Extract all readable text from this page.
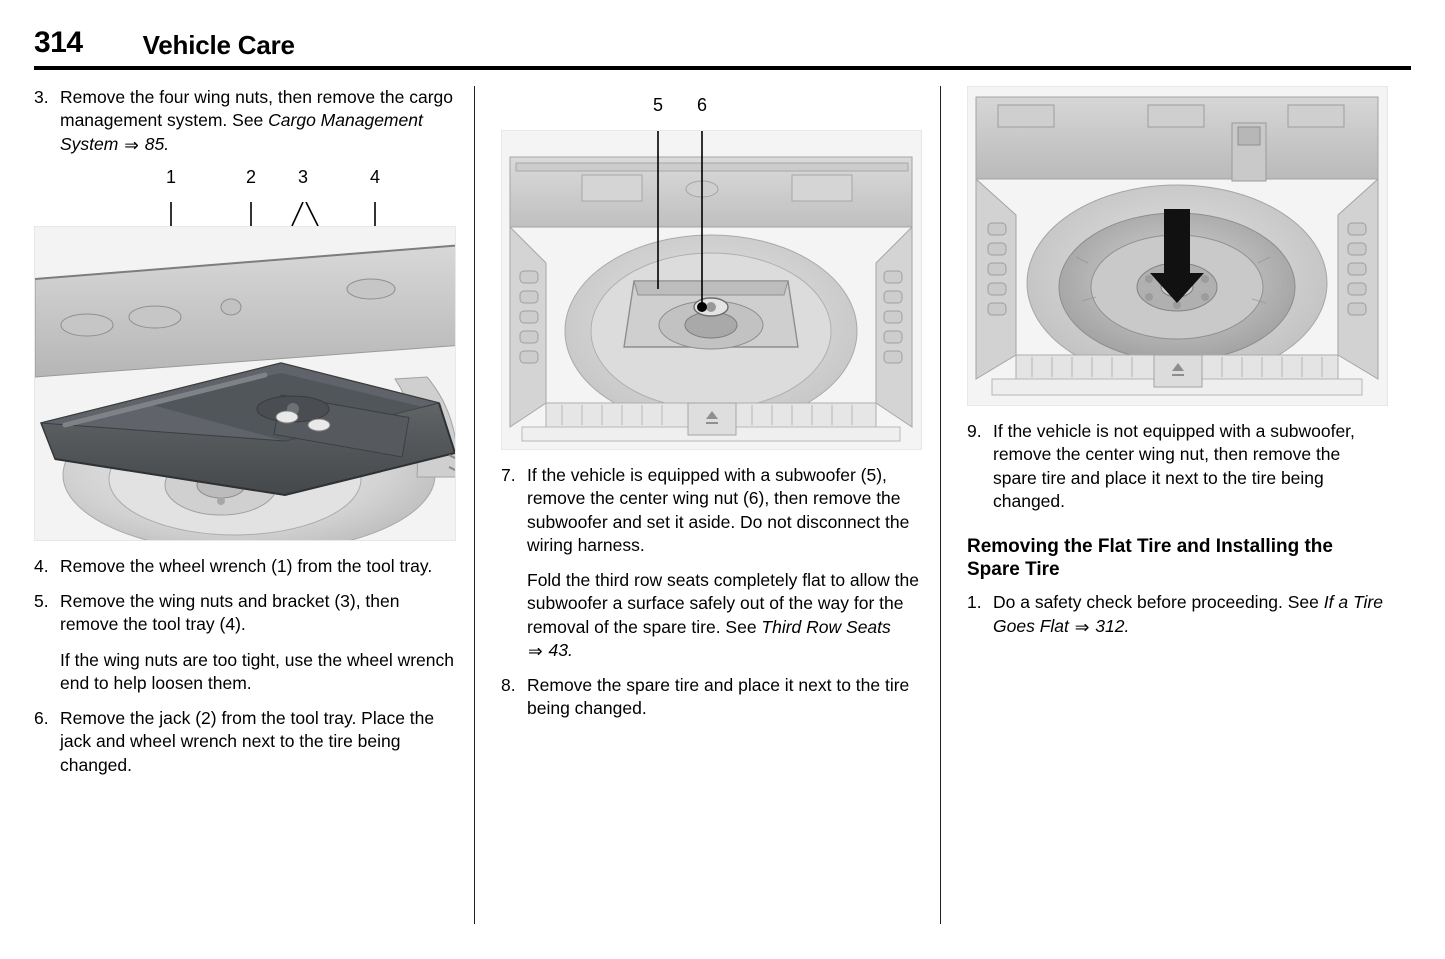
314 Vehicle Care
3. Remove the four wing nuts, then remove the cargo management system. See Cargo Management System ⇒ 85.
1	2 3	4
4. Remove the wheel wrench (1) from the tool tray.
5. Remove the wing nuts and bracket (3), then remove the tool tray (4).

If the wing nuts are too tight, use the wheel wrench end to help loosen them.

6. Remove the jack (2) from the tool tray. Place the jack and wheel wrench next to the tire being changed.
5 6
7. If the vehicle is equipped with a subwoofer (5), remove the center wing nut (6), then remove the subwoofer and set it aside. Do not disconnect the wiring harness.

Fold the third row seats completely flat to allow the subwoofer a surface safely out of the way for the removal of the spare tire. See Third Row Seats ⇒ 43.

8. Remove the spare tire and place it next to the tire being changed.
9. If the vehicle is not equipped with a subwoofer, remove the center wing nut, then remove the spare tire and place it next to the tire being changed.
Removing the Flat Tire and Installing the Spare Tire
1. Do a safety check before proceeding. See If a Tire Goes Flat ⇒ 312.
